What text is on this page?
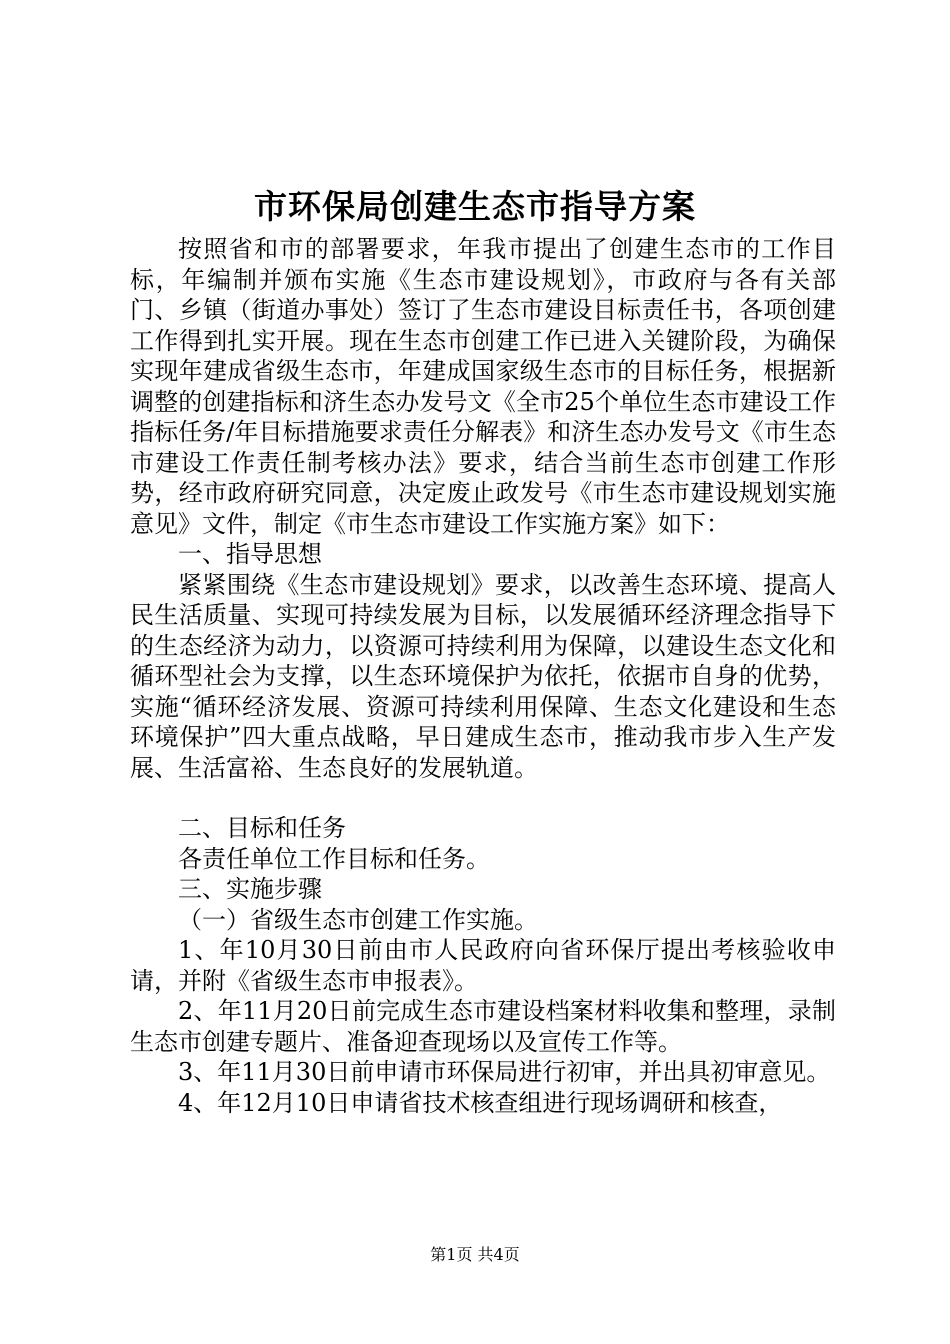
市环保局创建生态市指导方案

按照省和市的部署要求，年我市提出了创建生态市的工作目标，年编制并颁布实施《生态市建设规划》，市政府与各有关部门、乡镇（街道办事处）签订了生态市建设目标责任书，各项创建工作得到扎实开展。现在生态市创建工作已进入关键阶段，为确保实现年建成省级生态市，年建成国家级生态市的目标任务，根据新调整的创建指标和济生态办发号文《全市25个单位生态市建设工作指标任务/年目标措施要求责任分解表》和济生态办发号文《市生态市建设工作责任制考核办法》要求，结合当前生态市创建工作形势，经市政府研究同意，决定废止政发号《市生态市建设规划实施意见》文件，制定《市生态市建设工作实施方案》如下：

一、指导思想

紧紧围绕《生态市建设规划》要求，以改善生态环境、提高人民生活质量、实现可持续发展为目标，以发展循环经济理念指导下的生态经济为动力，以资源可持续利用为保障，以建设生态文化和循环型社会为支撑，以生态环境保护为依托，依据市自身的优势，实施“循环经济发展、资源可持续利用保障、生态文化建设和生态环境保护”四大重点战略，早日建成生态市，推动我市步入生产发展、生活富裕、生态良好的发展轨道。

二、目标和任务

各责任单位工作目标和任务。

三、实施步骤

（一）省级生态市创建工作实施。

1、年10月30日前由市人民政府向省环保厅提出考核验收申请，并附《省级生态市申报表》。

2、年11月20日前完成生态市建设档案材料收集和整理，录制生态市创建专题片、准备迎查现场以及宣传工作等。

3、年11月30日前申请市环保局进行初审，并出具初审意见。

4、年12月10日申请省技术核查组进行现场调研和核查，

第1页 共4页
